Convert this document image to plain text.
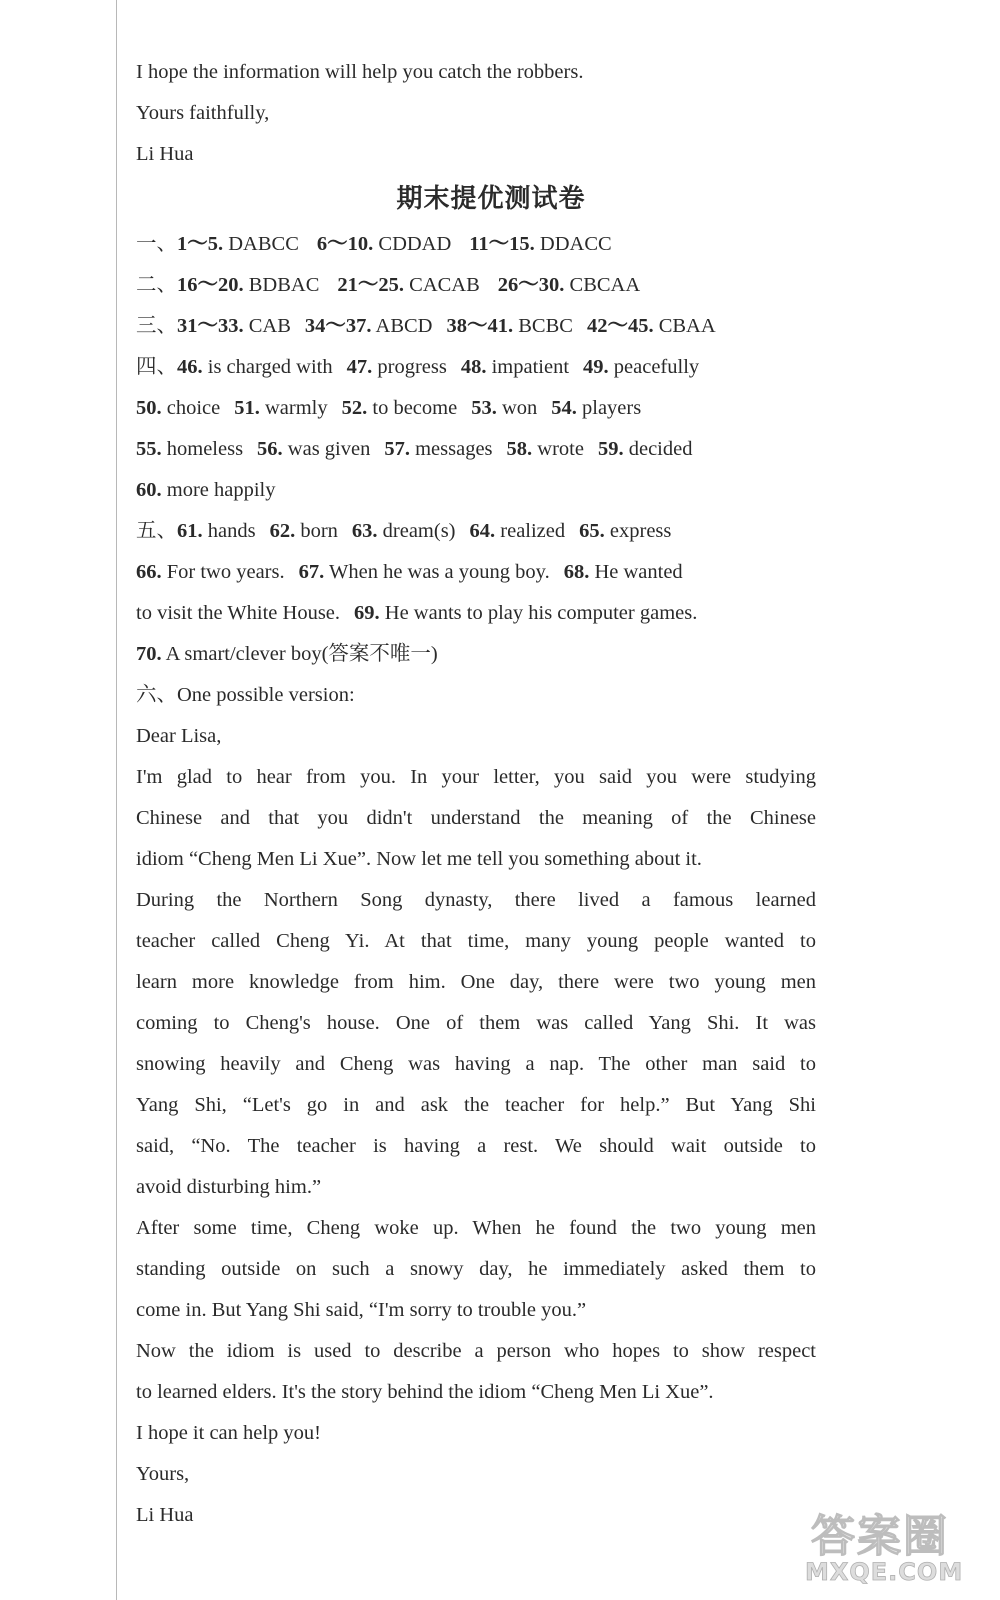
I hope the information will help you catch the robbers.
Yours faithfully,
Li Hua
期末提优测试卷
一、1～5. DABCC 6～10. CDDAD 11～15. DDACC
二、16～20. BDBAC 21～25. CACAB 26～30. CBCAA
三、31～33. CAB 34～37. ABCD 38～41. BCBC 42～45. CBAA
四、46. is charged with 47. progress 48. impatient 49. peacefully
50. choice 51. warmly 52. to become 53. won 54. players
55. homeless 56. was given 57. messages 58. wrote 59. decided
60. more happily
五、61. hands 62. born 63. dream(s) 64. realized 65. express
66. For two years. 67. When he was a young boy. 68. He wanted
to visit the White House. 69. He wants to play his computer games.
70. A smart/clever boy(答案不唯一)
六、One possible version:
Dear Lisa,
I'm glad to hear from you. In your letter, you said you were studying
Chinese and that you didn't understand the meaning of the Chinese
idiom “Cheng Men Li Xue”. Now let me tell you something about it.
During the Northern Song dynasty, there lived a famous learned
teacher called Cheng Yi. At that time, many young people wanted to
learn more knowledge from him. One day, there were two young men
coming to Cheng's house. One of them was called Yang Shi. It was
snowing heavily and Cheng was having a nap. The other man said to
Yang Shi, “Let's go in and ask the teacher for help.” But Yang Shi
said, “No. The teacher is having a rest. We should wait outside to
avoid disturbing him.”
After some time, Cheng woke up. When he found the two young men
standing outside on such a snowy day, he immediately asked them to
come in. But Yang Shi said, “I'm sorry to trouble you.”
Now the idiom is used to describe a person who hopes to show respect
to learned elders. It's the story behind the idiom “Cheng Men Li Xue”.
I hope it can help you!
Yours,
Li Hua	答案圈
MXQE.COM
